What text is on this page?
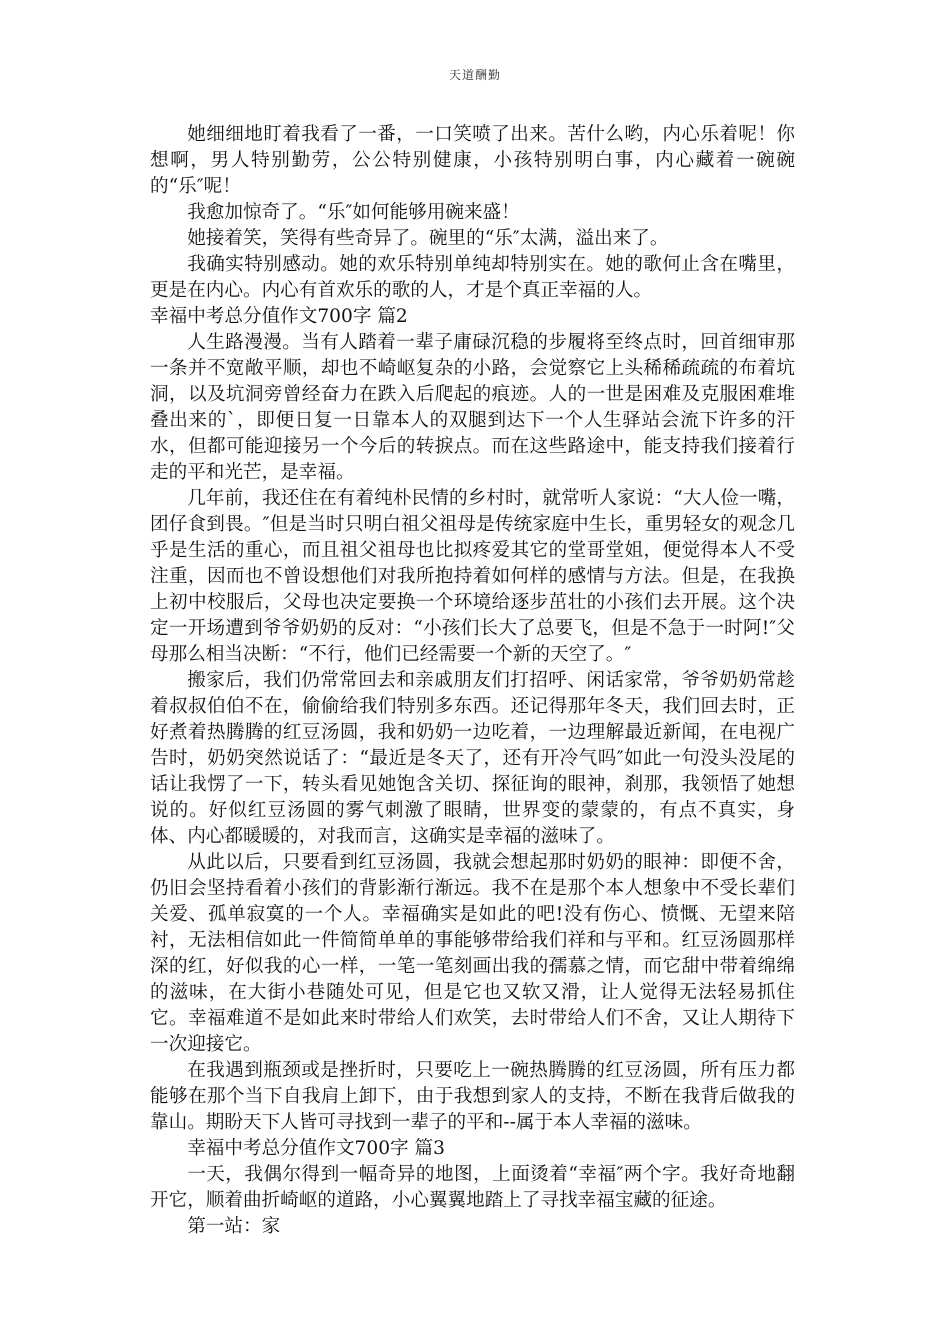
天道酬勤

她细细地盯着我看了一番，一口笑喷了出来。苦什么哟，内心乐着呢！你想啊，男人特别勤劳，公公特别健康，小孩特别明白事，内心藏着一碗碗的“乐″呢！

我愈加惊奇了。“乐″如何能够用碗来盛！

她接着笑，笑得有些奇异了。碗里的“乐″太满，溢出来了。

我确实特别感动。她的欢乐特别单纯却特别实在。她的歌何止含在嘴里，更是在内心。内心有首欢乐的歌的人，才是个真正幸福的人。

幸福中考总分值作文700字 篇2

人生路漫漫。当有人踏着一辈子庸碌沉稳的步履将至终点时，回首细审那一条并不宽敞平顺，却也不崎岖复杂的小路，会觉察它上头稀稀疏疏的布着坑洞，以及坑洞旁曾经奋力在跌入后爬起的痕迹。人的一世是困难及克服困难堆叠出来的`，即便日复一日靠本人的双腿到达下一个人生驿站会流下许多的汗水，但都可能迎接另一个今后的转捩点。而在这些路途中，能支持我们接着行走的平和光芒，是幸福。

几年前，我还住在有着纯朴民情的乡村时，就常听人家说：“大人俭一嘴，团仔食到畏。″但是当时只明白祖父祖母是传统家庭中生长，重男轻女的观念几乎是生活的重心，而且祖父祖母也比拟疼爱其它的堂哥堂姐，便觉得本人不受注重，因而也不曾设想他们对我所抱持着如何样的感情与方法。但是，在我换上初中校服后，父母也决定要换一个环境给逐步茁壮的小孩们去开展。这个决定一开场遭到爷爷奶奶的反对：“小孩们长大了总要飞，但是不急于一时阿!″父母那么相当决断：“不行，他们已经需要一个新的天空了。″

搬家后，我们仍常常回去和亲戚朋友们打招呼、闲话家常，爷爷奶奶常趁着叔叔伯伯不在，偷偷给我们特别多东西。还记得那年冬天，我们回去时，正好煮着热腾腾的红豆汤圆，我和奶奶一边吃着，一边理解最近新闻，在电视广告时，奶奶突然说话了：“最近是冬天了，还有开冷气吗″如此一句没头没尾的话让我愣了一下，转头看见她饱含关切、探征询的眼神，刹那，我领悟了她想说的。好似红豆汤圆的雾气刺激了眼睛，世界变的蒙蒙的，有点不真实，身体、内心都暖暖的，对我而言，这确实是幸福的滋味了。

从此以后，只要看到红豆汤圆，我就会想起那时奶奶的眼神：即便不舍，仍旧会坚持看着小孩们的背影渐行渐远。我不在是那个本人想象中不受长辈们关爱、孤单寂寞的一个人。幸福确实是如此的吧!没有伤心、愤慨、无望来陪衬，无法相信如此一件简简单单的事能够带给我们祥和与平和。红豆汤圆那样深的红，好似我的心一样，一笔一笔刻画出我的孺慕之情，而它甜中带着绵绵的滋味，在大街小巷随处可见，但是它也又软又滑，让人觉得无法轻易抓住它。幸福难道不是如此来时带给人们欢笑，去时带给人们不舍，又让人期待下一次迎接它。

在我遇到瓶颈或是挫折时，只要吃上一碗热腾腾的红豆汤圆，所有压力都能够在那个当下自我肩上卸下，由于我想到家人的支持，不断在我背后做我的靠山。期盼天下人皆可寻找到一辈子的平和--属于本人幸福的滋味。

幸福中考总分值作文700字 篇3

一天，我偶尔得到一幅奇异的地图，上面烫着“幸福″两个字。我好奇地翻开它，顺着曲折崎岖的道路，小心翼翼地踏上了寻找幸福宝藏的征途。

第一站：家
